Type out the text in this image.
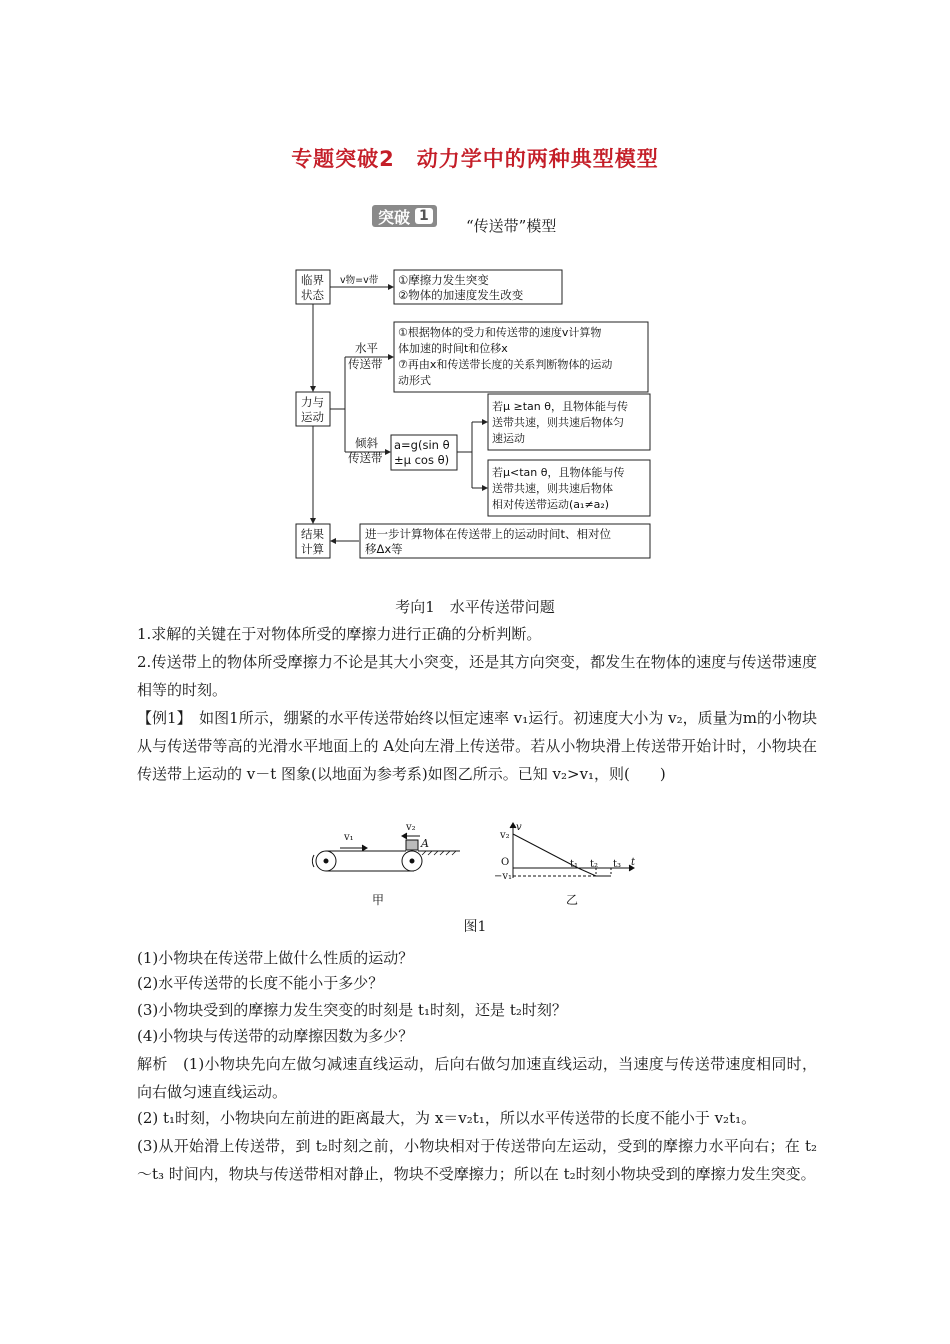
专题突破2　动力学中的两种典型模型
突破 1
“传送带”模型
临界
状态
v物=v带 ①摩擦力发生突变
②物体的加速度发生改变
力与
运动
水平
传送带
①根据物体的受力和传送带的速度v计算物
体加速的时间t和位移x
⑦再由x和传送带长度的关系判断物体的运动
动形式
倾斜
传送带
a=g(sin θ
±μ cos θ)
若μ ≥tan θ，且物体能与传
送带共速，则共速后物体匀
速运动
若μ<tan θ，且物体能与传
送带共速，则共速后物体
相对传送带运动(a₁≠a₂)
结果
计算
进一步计算物体在传送带上的运动时间t、相对位
移Δx等
考向1　水平传送带问题
1.求解的关键在于对物体所受的摩擦力进行正确的分析判断。
2.传送带上的物体所受摩擦力不论是其大小突变，还是其方向突变，都发生在物体的速度与传送带速度相等的时刻。
【例1】　如图1所示，绷紧的水平传送带始终以恒定速率 v₁运行。初速度大小为 v₂，质量为m的小物块从与传送带等高的光滑水平地面上的 A处向左滑上传送带。若从小物块滑上传送带开始计时，小物块在传送带上运动的 v－t 图象(以地面为参考系)如图乙所示。已知 v₂>v₁，则(　　)
v₁
v₂
A
甲
v
v₂
O
−v₁
t₁ t₂ t₃ t
乙
图1
(1)小物块在传送带上做什么性质的运动？
(2)水平传送带的长度不能小于多少？
(3)小物块受到的摩擦力发生突变的时刻是 t₁时刻，还是 t₂时刻？
(4)小物块与传送带的动摩擦因数为多少？
解析　(1)小物块先向左做匀减速直线运动，后向右做匀加速直线运动，当速度与传送带速度相同时，向右做匀速直线运动。
(2) t₁时刻，小物块向左前进的距离最大，为 x＝v₂t₁，所以水平传送带的长度不能小于 v₂t₁。
(3)从开始滑上传送带，到 t₂时刻之前，小物块相对于传送带向左运动，受到的摩擦力水平向右；在 t₂～t₃ 时间内，物块与传送带相对静止，物块不受摩擦力；所以在 t₂时刻小物块受到的摩擦力发生突变。
